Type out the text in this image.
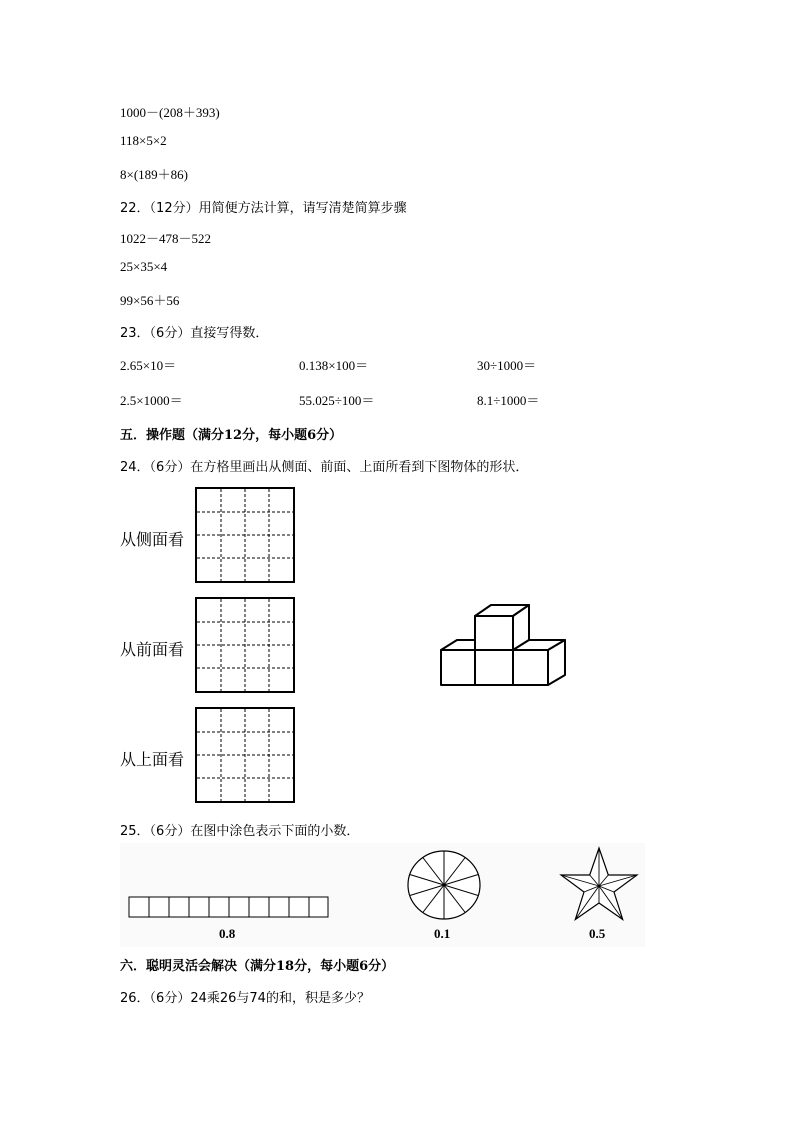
1000－(208＋393)
118×5×2
8×(189＋86)
22．（12分）用简便方法计算，请写清楚简算步骤
1022－478－522
25×35×4
99×56＋56
23．（6分）直接写得数．
2.65×10＝	0.138×100＝	30÷1000＝
2.5×1000＝	55.025÷100＝	8.1÷1000＝
五．操作题（满分12分，每小题6分）
24．（6分）在方格里画出从侧面、前面、上面所看到下图物体的形状．
从侧面看
从前面看
从上面看
25．（6分）在图中涂色表示下面的小数．
0.8	0.1	0.5
六．聪明灵活会解决（满分18分，每小题6分）
26．（6分）24乘26与74的和，积是多少？
